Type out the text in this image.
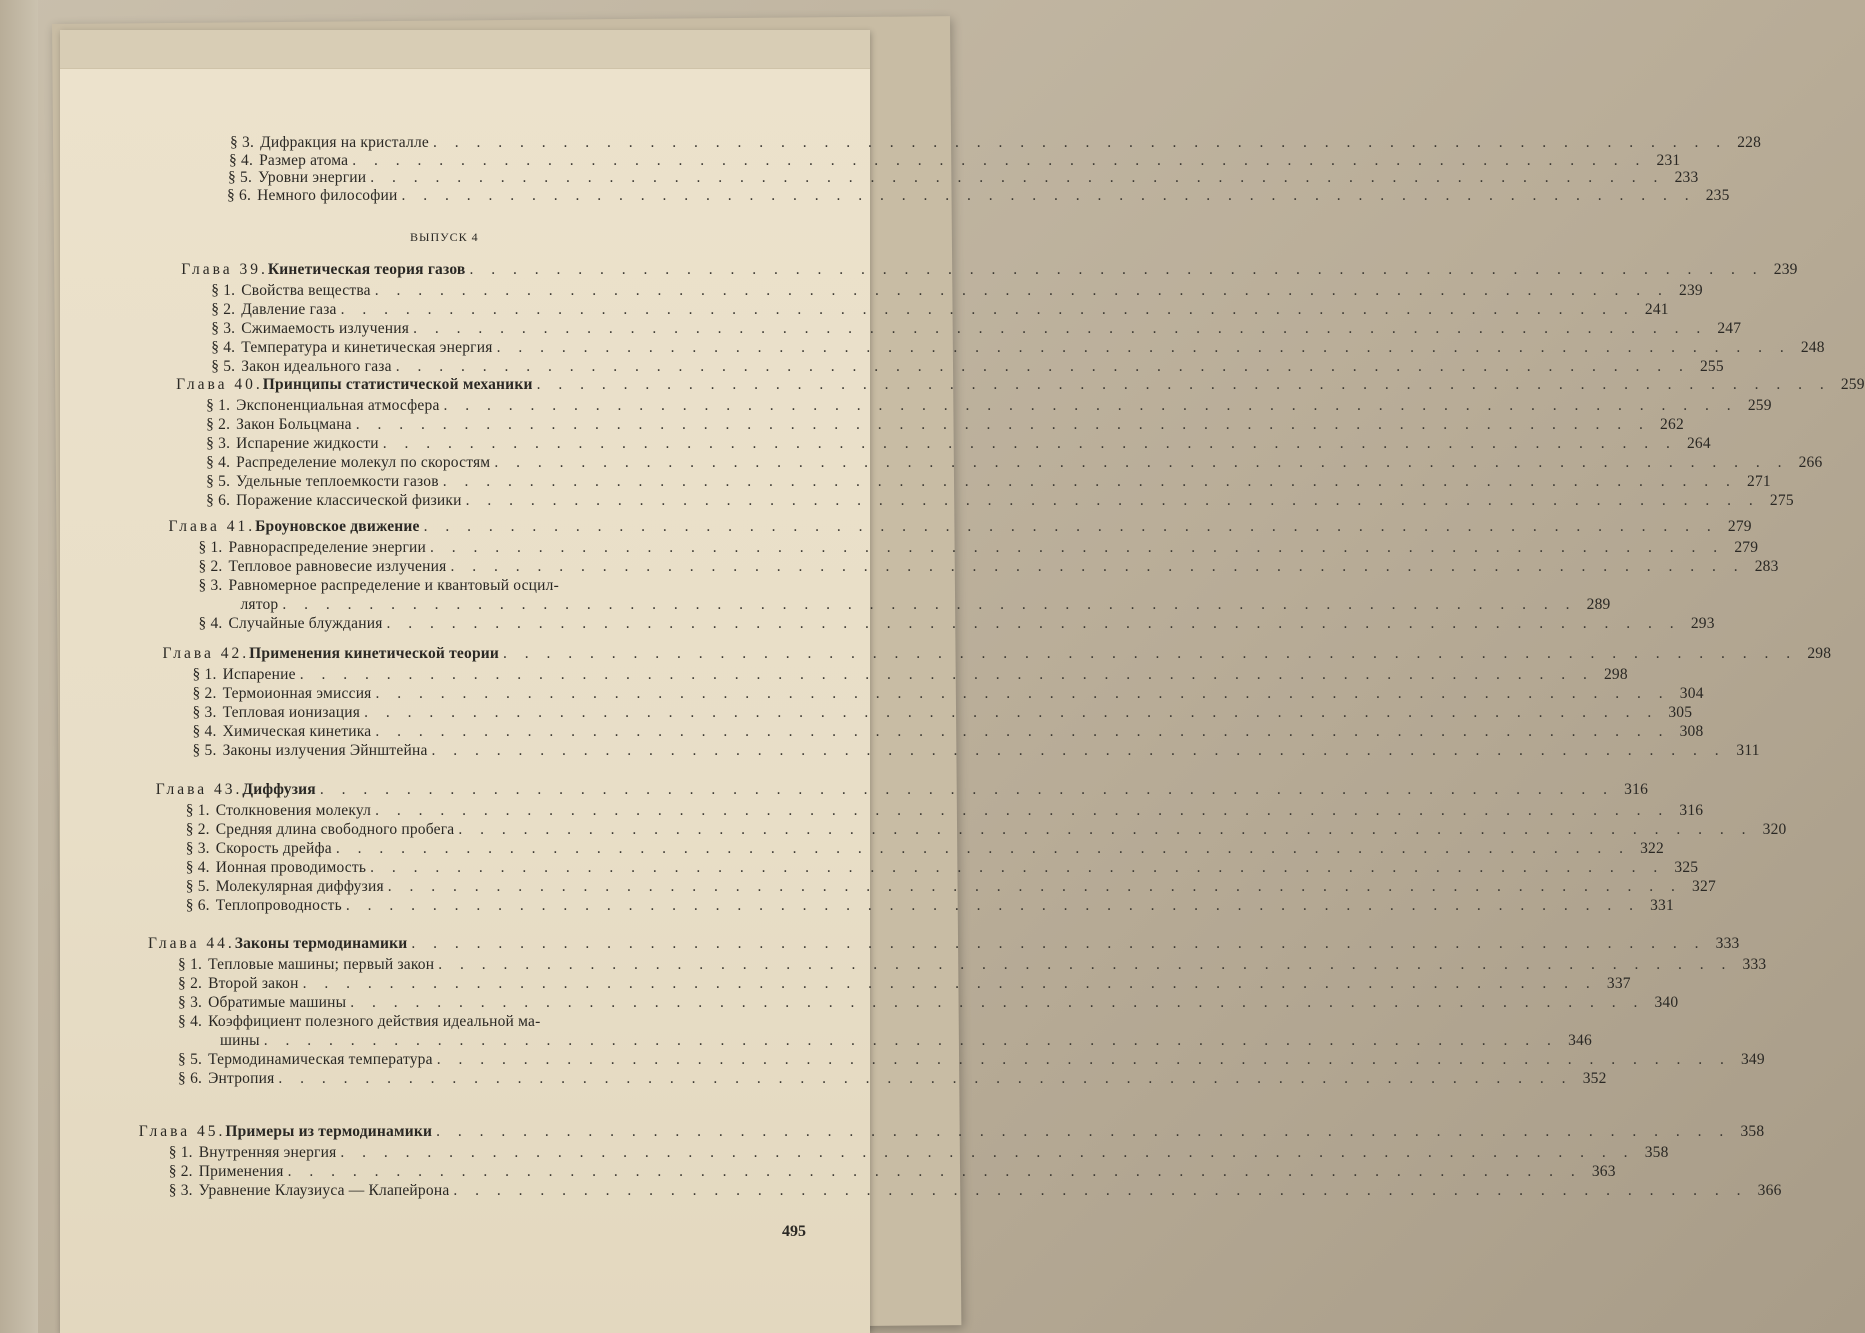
§ 3. Дифракция на кристалле . . . . . . . . . . . . . . . . . . . . . . . . . . . . . . . . . . . . . . . . . . . . . . . . . . . . . . . . . . . . 228
§ 4. Размер атома . . . . . . . . . . . . . . . . . . . . . . . . . . . . . . . . . . . . . . . . . . . . . . . . . . . . . . . . . . . . 231
§ 5. Уровни энергии . . . . . . . . . . . . . . . . . . . . . . . . . . . . . . . . . . . . . . . . . . . . . . . . . . . . . . . . . . . . 233
§ 6. Немного философии . . . . . . . . . . . . . . . . . . . . . . . . . . . . . . . . . . . . . . . . . . . . . . . . . . . . . . . . . . . . 235
Глава 39. Кинетическая теория газов . . . . . . . . . . . . . . . . . . . . . . . . . . . . . . . . . . . . . . . . . . . . . . . . . . . . . . . . . . . . 239
§ 1. Свойства вещества . . . . . . . . . . . . . . . . . . . . . . . . . . . . . . . . . . . . . . . . . . . . . . . . . . . . . . . . . . . . 239
§ 2. Давление газа . . . . . . . . . . . . . . . . . . . . . . . . . . . . . . . . . . . . . . . . . . . . . . . . . . . . . . . . . . . . 241
§ 3. Сжимаемость излучения . . . . . . . . . . . . . . . . . . . . . . . . . . . . . . . . . . . . . . . . . . . . . . . . . . . . . . . . . . . . 247
§ 4. Температура и кинетическая энергия . . . . . . . . . . . . . . . . . . . . . . . . . . . . . . . . . . . . . . . . . . . . . . . . . . . . . . . . . . . . 248
§ 5. Закон идеального газа . . . . . . . . . . . . . . . . . . . . . . . . . . . . . . . . . . . . . . . . . . . . . . . . . . . . . . . . . . . . 255
Глава 40. Принципы статистической механики . . . . . . . . . . . . . . . . . . . . . . . . . . . . . . . . . . . . . . . . . . . . . . . . . . . . . . . . . . . . 259
§ 1. Экспоненциальная атмосфера . . . . . . . . . . . . . . . . . . . . . . . . . . . . . . . . . . . . . . . . . . . . . . . . . . . . . . . . . . . . 259
§ 2. Закон Больцмана . . . . . . . . . . . . . . . . . . . . . . . . . . . . . . . . . . . . . . . . . . . . . . . . . . . . . . . . . . . . 262
§ 3. Испарение жидкости . . . . . . . . . . . . . . . . . . . . . . . . . . . . . . . . . . . . . . . . . . . . . . . . . . . . . . . . . . . . 264
§ 4. Распределение молекул по скоростям . . . . . . . . . . . . . . . . . . . . . . . . . . . . . . . . . . . . . . . . . . . . . . . . . . . . . . . . . . . . 266
§ 5. Удельные теплоемкости газов . . . . . . . . . . . . . . . . . . . . . . . . . . . . . . . . . . . . . . . . . . . . . . . . . . . . . . . . . . . . 271
§ 6. Поражение классической физики . . . . . . . . . . . . . . . . . . . . . . . . . . . . . . . . . . . . . . . . . . . . . . . . . . . . . . . . . . . . 275
Глава 41. Броуновское движение . . . . . . . . . . . . . . . . . . . . . . . . . . . . . . . . . . . . . . . . . . . . . . . . . . . . . . . . . . . . 279
§ 1. Равнораспределение энергии . . . . . . . . . . . . . . . . . . . . . . . . . . . . . . . . . . . . . . . . . . . . . . . . . . . . . . . . . . . . 279
§ 2. Тепловое равновесие излучения . . . . . . . . . . . . . . . . . . . . . . . . . . . . . . . . . . . . . . . . . . . . . . . . . . . . . . . . . . . . 283
§ 3. Равномерное распределение и квантовый осцил-
лятор . . . . . . . . . . . . . . . . . . . . . . . . . . . . . . . . . . . . . . . . . . . . . . . . . . . . . . . . . . . . 289
§ 4. Случайные блуждания . . . . . . . . . . . . . . . . . . . . . . . . . . . . . . . . . . . . . . . . . . . . . . . . . . . . . . . . . . . . 293
Глава 42. Применения кинетической теории . . . . . . . . . . . . . . . . . . . . . . . . . . . . . . . . . . . . . . . . . . . . . . . . . . . . . . . . . . . . 298
§ 1. Испарение . . . . . . . . . . . . . . . . . . . . . . . . . . . . . . . . . . . . . . . . . . . . . . . . . . . . . . . . . . . . 298
§ 2. Термоионная эмиссия . . . . . . . . . . . . . . . . . . . . . . . . . . . . . . . . . . . . . . . . . . . . . . . . . . . . . . . . . . . . 304
§ 3. Тепловая ионизация . . . . . . . . . . . . . . . . . . . . . . . . . . . . . . . . . . . . . . . . . . . . . . . . . . . . . . . . . . . . 305
§ 4. Химическая кинетика . . . . . . . . . . . . . . . . . . . . . . . . . . . . . . . . . . . . . . . . . . . . . . . . . . . . . . . . . . . . 308
§ 5. Законы излучения Эйнштейна . . . . . . . . . . . . . . . . . . . . . . . . . . . . . . . . . . . . . . . . . . . . . . . . . . . . . . . . . . . . 311
Глава 43. Диффузия . . . . . . . . . . . . . . . . . . . . . . . . . . . . . . . . . . . . . . . . . . . . . . . . . . . . . . . . . . . . 316
§ 1. Столкновения молекул . . . . . . . . . . . . . . . . . . . . . . . . . . . . . . . . . . . . . . . . . . . . . . . . . . . . . . . . . . . . 316
§ 2. Средняя длина свободного пробега . . . . . . . . . . . . . . . . . . . . . . . . . . . . . . . . . . . . . . . . . . . . . . . . . . . . . . . . . . . . 320
§ 3. Скорость дрейфа . . . . . . . . . . . . . . . . . . . . . . . . . . . . . . . . . . . . . . . . . . . . . . . . . . . . . . . . . . . . 322
§ 4. Ионная проводимость . . . . . . . . . . . . . . . . . . . . . . . . . . . . . . . . . . . . . . . . . . . . . . . . . . . . . . . . . . . . 325
§ 5. Молекулярная диффузия . . . . . . . . . . . . . . . . . . . . . . . . . . . . . . . . . . . . . . . . . . . . . . . . . . . . . . . . . . . . 327
§ 6. Теплопроводность . . . . . . . . . . . . . . . . . . . . . . . . . . . . . . . . . . . . . . . . . . . . . . . . . . . . . . . . . . . . 331
Глава 44. Законы термодинамики . . . . . . . . . . . . . . . . . . . . . . . . . . . . . . . . . . . . . . . . . . . . . . . . . . . . . . . . . . . . 333
§ 1. Тепловые машины; первый закон . . . . . . . . . . . . . . . . . . . . . . . . . . . . . . . . . . . . . . . . . . . . . . . . . . . . . . . . . . . . 333
§ 2. Второй закон . . . . . . . . . . . . . . . . . . . . . . . . . . . . . . . . . . . . . . . . . . . . . . . . . . . . . . . . . . . . 337
§ 3. Обратимые машины . . . . . . . . . . . . . . . . . . . . . . . . . . . . . . . . . . . . . . . . . . . . . . . . . . . . . . . . . . . . 340
§ 4. Коэффициент полезного действия идеальной ма-
шины . . . . . . . . . . . . . . . . . . . . . . . . . . . . . . . . . . . . . . . . . . . . . . . . . . . . . . . . . . . . 346
§ 5. Термодинамическая температура . . . . . . . . . . . . . . . . . . . . . . . . . . . . . . . . . . . . . . . . . . . . . . . . . . . . . . . . . . . . 349
§ 6. Энтропия . . . . . . . . . . . . . . . . . . . . . . . . . . . . . . . . . . . . . . . . . . . . . . . . . . . . . . . . . . . . 352
Глава 45. Примеры из термодинамики . . . . . . . . . . . . . . . . . . . . . . . . . . . . . . . . . . . . . . . . . . . . . . . . . . . . . . . . . . . . 358
§ 1. Внутренняя энергия . . . . . . . . . . . . . . . . . . . . . . . . . . . . . . . . . . . . . . . . . . . . . . . . . . . . . . . . . . . . 358
§ 2. Применения . . . . . . . . . . . . . . . . . . . . . . . . . . . . . . . . . . . . . . . . . . . . . . . . . . . . . . . . . . . . 363
§ 3. Уравнение Клаузиуса — Клапейрона . . . . . . . . . . . . . . . . . . . . . . . . . . . . . . . . . . . . . . . . . . . . . . . . . . . . . . . . . . . . 366
ВЫПУСК 4
495
